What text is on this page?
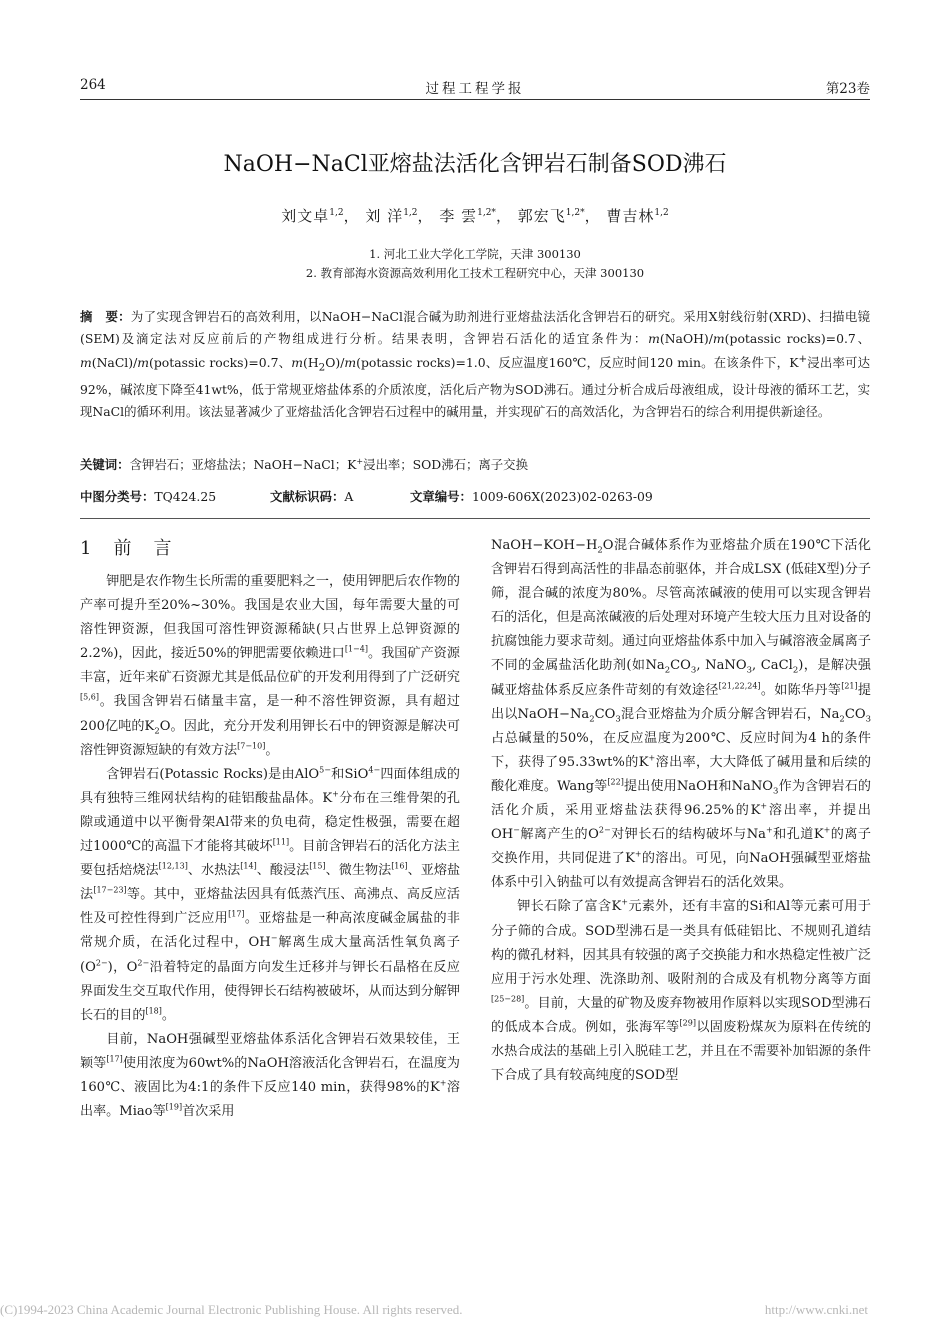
过程工程学报
264	第23卷
NaOH−NaCl亚熔盐法活化含钾岩石制备SOD沸石
刘文卓$^{1,2}$， 刘 洋$^{1,2}$， 李 雲$^{1,2*}$， 郭宏飞$^{1,2*}$， 曹吉林$^{1,2}$
1. 河北工业大学化工学院，天津 300130
2. 教育部海水资源高效利用化工技术工程研究中心，天津 300130
摘　要：为了实现含钾岩石的高效利用，以NaOH−NaCl混合碱为助剂进行亚熔盐法活化含钾岩石的研究。采用X射线衍射(XRD)、扫描电镜(SEM)及滴定法对反应前后的产物组成进行分析。结果表明，含钾岩石活化的适宜条件为：m(NaOH)/m(potassic rocks)=0.7、m(NaCl)/m(potassic rocks)=0.7、$m(H_2O)/m(potassic$ rocks)=1.0、反应温度160℃，反应时间120 min。在该条件下，K+浸出率可达92%，碱浓度下降至41wt%，低于常规亚熔盐体系的介质浓度，活化后产物为SOD沸石。通过分析合成后母液组成，设计母液的循环工艺，实现NaCl的循环利用。该法显著减少了亚熔盐活化含钾岩石过程中的碱用量，并实现矿石的高效活化，为含钾岩石的综合利用提供新途径。
关键词：含钾岩石；亚熔盐法；NaOH−NaCl；K+浸出率；SOD沸石；离子交换
中图分类号：TQ424.25	文献标识码：A	文章编号：1009-606X(2023)02-0263-09
1 前　言

钾肥是农作物生长所需的重要肥料之一，使用钾肥后农作物的产率可提升至20%~30%。我国是农业大国，每年需要大量的可溶性钾资源，但我国可溶性钾资源稀缺(只占世界上总钾资源的2.2%)，因此，接近50%的钾肥需要依赖进口[1−4]。我国矿产资源丰富，近年来矿石资源尤其是低品位矿的开发利用得到了广泛研究[5,6]。我国含钾岩石储量丰富，是一种不溶性钾资源，具有超过200亿吨的$K_2O$。因此，充分开发利用钾长石中的钾资源是解决可溶性钾资源短缺的有效方法[7−10]。

含钾岩石(Potassic Rocks)是由AlO$^{5-}$和SiO$^{4-}$四面体组成的具有独特三维网状结构的硅铝酸盐晶体。K+分布在三维骨架的孔隙或通道中以平衡骨架Al带来的负电荷，稳定性极强，需要在超过1000℃的高温下才能将其破坏[11]。目前含钾岩石的活化方法主要包括焙烧法[12,13]、水热法[14]、酸浸法[15]、微生物法[16]、亚熔盐法[17−23]等。其中，亚熔盐法因具有低蒸汽压、高沸点、高反应活性及可控性得到广泛应用[17]。亚熔盐是一种高浓度碱金属盐的非常规介质，在活化过程中，OH−解离生成大量高活性氧负离子$(O^{2-})$，$O^{2-}$沿着特定的晶面方向发生迁移并与钾长石晶格在反应界面发生交互取代作用，使得钾长石结构被破坏，从而达到分解钾长石的目的[18]。

目前，NaOH强碱型亚熔盐体系活化含钾岩石效果较佳，王颖等[17]使用浓度为60wt%的NaOH溶液活化含钾岩石，在温度为160℃、液固比为4:1的条件下反应140 min，获得98%的K+溶出率。Miao等[19]首次采用

$NaOH-KOH-H_2O$混合碱体系作为亚熔盐介质在190℃下活化含钾岩石得到高活性的非晶态前驱体，并合成LSX (低硅X型)分子筛，混合碱的浓度为80%。尽管高浓碱液的使用可以实现含钾岩石的活化，但是高浓碱液的后处理对环境产生较大压力且对设备的抗腐蚀能力要求苛刻。通过向亚熔盐体系中加入与碱溶液金属离子不同的金属盐活化助剂(如$Na_2CO_3$, NaNO$_3$, CaCl$_2$)，是解决强碱亚熔盐体系反应条件苛刻的有效途径[21,22,24]。如陈华丹等[21]提出以$NaOH-Na_2CO_3$混合亚熔盐为介质分解含钾岩石，$Na_2CO_3$占总碱量的50%，在反应温度为200℃、反应时间为4 h的条件下，获得了95.33wt%的K+溶出率，大大降低了碱用量和后续的酸化难度。Wang等[22]提出使用NaOH和NaNO$_3$作为含钾岩石的活化介质，采用亚熔盐法获得96.25%的K+溶出率，并提出OH−解离产生的$O^{2-}$对钾长石的结构破坏与Na+和孔道K+的离子交换作用，共同促进了K+的溶出。可见，向NaOH强碱型亚熔盐体系中引入钠盐可以有效提高含钾岩石的活化效果。

钾长石除了富含K+元素外，还有丰富的Si和Al等元素可用于分子筛的合成。SOD型沸石是一类具有低硅铝比、不规则孔道结构的微孔材料，因其具有较强的离子交换能力和水热稳定性被广泛应用于污水处理、洗涤助剂、吸附剂的合成及有机物分离等方面[25−28]。目前，大量的矿物及废弃物被用作原料以实现SOD型沸石的低成本合成。例如，张海军等[29]以固废粉煤灰为原料在传统的水热合成法的基础上引入脱硅工艺，并且在不需要补加铝源的条件下合成了具有较高纯度的SOD型

(C)1994-2023 China Academic Journal Electronic Publishing House. All rights reserved.	http://www.cnki.net
